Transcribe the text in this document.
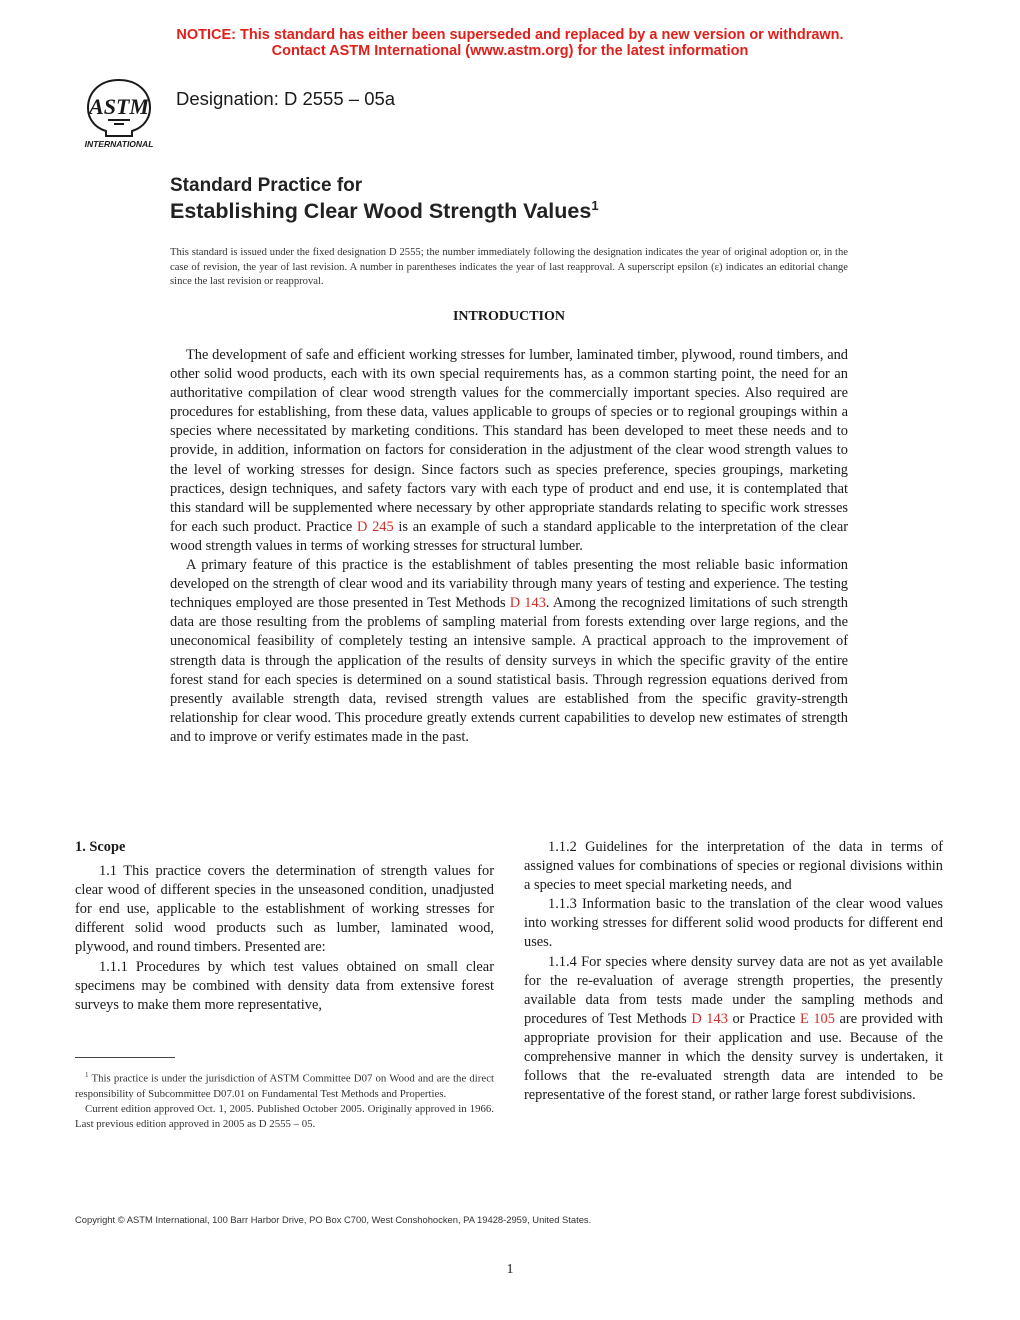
NOTICE: This standard has either been superseded and replaced by a new version or withdrawn.
Contact ASTM International (www.astm.org) for the latest information
ASTM
INTERNATIONAL
Designation: D 2555 – 05a
Standard Practice for
Establishing Clear Wood Strength Values$^1$
This standard is issued under the fixed designation D 2555; the number immediately following the designation indicates the year of original adoption or, in the case of revision, the year of last revision. A number in parentheses indicates the year of last reapproval. A superscript epsilon (ε) indicates an editorial change since the last revision or reapproval.
INTRODUCTION

The development of safe and efficient working stresses for lumber, laminated timber, plywood, round timbers, and other solid wood products, each with its own special requirements has, as a common starting point, the need for an authoritative compilation of clear wood strength values for the commercially important species. Also required are procedures for establishing, from these data, values applicable to groups of species or to regional groupings within a species where necessitated by marketing conditions. This standard has been developed to meet these needs and to provide, in addition, information on factors for consideration in the adjustment of the clear wood strength values to the level of working stresses for design. Since factors such as species preference, species groupings, marketing practices, design techniques, and safety factors vary with each type of product and end use, it is contemplated that this standard will be supplemented where necessary by other appropriate standards relating to specific work stresses for each such product. Practice D 245 is an example of such a standard applicable to the interpretation of the clear wood strength values in terms of working stresses for structural lumber.

A primary feature of this practice is the establishment of tables presenting the most reliable basic information developed on the strength of clear wood and its variability through many years of testing and experience. The testing techniques employed are those presented in Test Methods D 143. Among the recognized limitations of such strength data are those resulting from the problems of sampling material from forests extending over large regions, and the uneconomical feasibility of completely testing an intensive sample. A practical approach to the improvement of strength data is through the application of the results of density surveys in which the specific gravity of the entire forest stand for each species is determined on a sound statistical basis. Through regression equations derived from presently available strength data, revised strength values are established from the specific gravity-strength relationship for clear wood. This procedure greatly extends current capabilities to develop new estimates of strength and to improve or verify estimates made in the past.

1. Scope

1.1 This practice covers the determination of strength values for clear wood of different species in the unseasoned condition, unadjusted for end use, applicable to the establishment of working stresses for different solid wood products such as lumber, laminated wood, plywood, and round timbers. Presented are:

1.1.1 Procedures by which test values obtained on small clear specimens may be combined with density data from extensive forest surveys to make them more representative,

1.1.2 Guidelines for the interpretation of the data in terms of assigned values for combinations of species or regional divisions within a species to meet special marketing needs, and

1.1.3 Information basic to the translation of the clear wood values into working stresses for different solid wood products for different end uses.

1.1.4 For species where density survey data are not as yet available for the re-evaluation of average strength properties, the presently available data from tests made under the sampling methods and procedures of Test Methods D 143 or Practice E 105 are provided with appropriate provision for their application and use. Because of the comprehensive manner in which the density survey is undertaken, it follows that the re-evaluated strength data are intended to be representative of the forest stand, or rather large forest subdivisions.

$^1$ This practice is under the jurisdiction of ASTM Committee D07 on Wood and are the direct responsibility of Subcommittee D07.01 on Fundamental Test Methods and Properties.

Current edition approved Oct. 1, 2005. Published October 2005. Originally approved in 1966. Last previous edition approved in 2005 as D 2555 – 05.

Copyright © ASTM International, 100 Barr Harbor Drive, PO Box C700, West Conshohocken, PA 19428-2959, United States.
1
